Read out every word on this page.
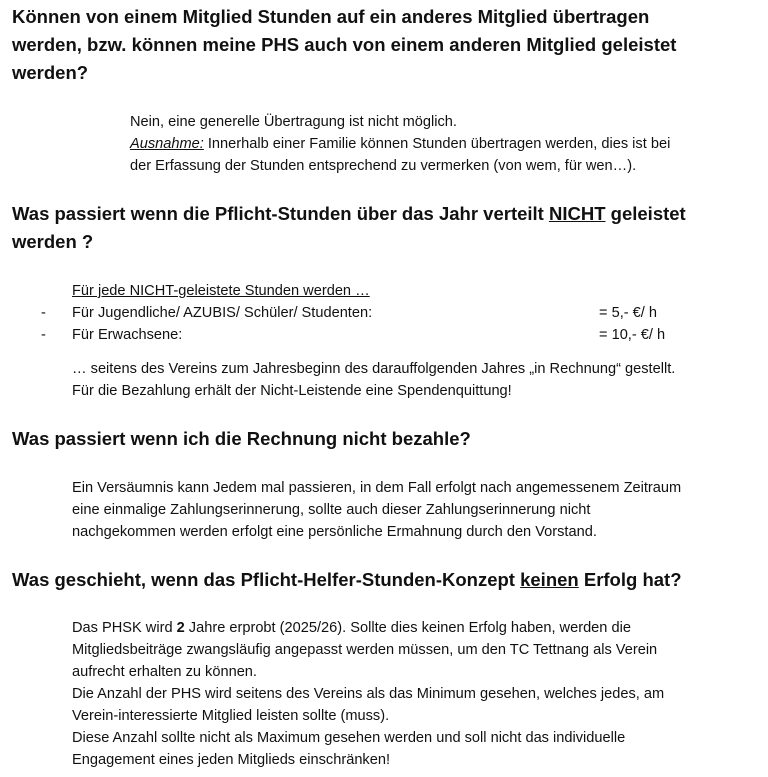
Können von einem Mitglied Stunden auf ein anderes Mitglied übertragen
werden, bzw. können meine PHS auch von einem anderen Mitglied geleistet
werden?
Nein, eine generelle Übertragung ist nicht möglich.
Ausnahme: Innerhalb einer Familie können Stunden übertragen werden, dies ist bei
der Erfassung der Stunden entsprechend zu vermerken (von wem, für wen…).
Was passiert wenn die Pflicht-Stunden über das Jahr verteilt NICHT geleistet
werden ?
Für jede NICHT-geleistete Stunden werden …
- Für Jugendliche/ AZUBIS/ Schüler/ Studenten:	= 5,- €/ h
- Für Erwachsene:	= 10,- €/ h
… seitens des Vereins zum Jahresbeginn des darauffolgenden Jahres „in Rechnung“ gestellt.
Für die Bezahlung erhält der Nicht-Leistende eine Spendenquittung!
Was passiert wenn ich die Rechnung nicht bezahle?
Ein Versäumnis kann Jedem mal passieren, in dem Fall erfolgt nach angemessenem Zeitraum
eine einmalige Zahlungserinnerung, sollte auch dieser Zahlungserinnerung nicht
nachgekommen werden erfolgt eine persönliche Ermahnung durch den Vorstand.
Was geschieht, wenn das Pflicht-Helfer-Stunden-Konzept keinen Erfolg hat?
Das PHSK wird 2 Jahre erprobt (2025/26). Sollte dies keinen Erfolg haben, werden die
Mitgliedsbeiträge zwangsläufig angepasst werden müssen, um den TC Tettnang als Verein
aufrecht erhalten zu können.
Die Anzahl der PHS wird seitens des Vereins als das Minimum gesehen, welches jedes, am
Verein-interessierte Mitglied leisten sollte (muss).
Diese Anzahl sollte nicht als Maximum gesehen werden und soll nicht das individuelle
Engagement eines jeden Mitglieds einschränken!
